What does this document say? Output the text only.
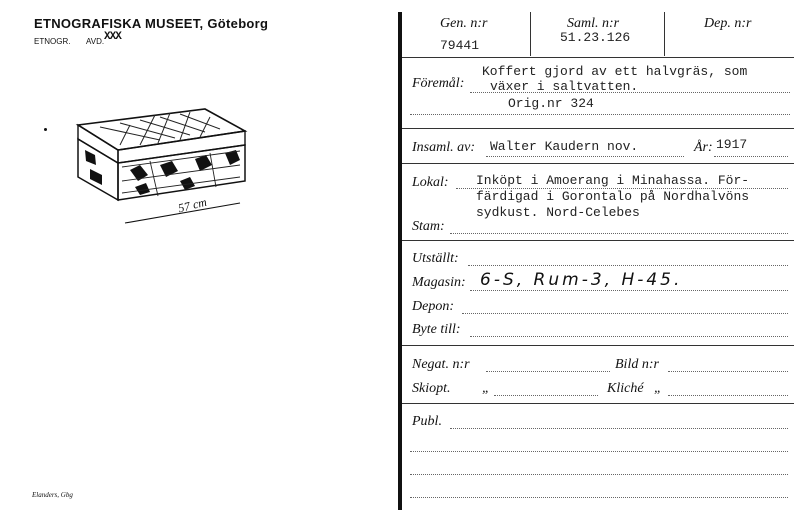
ETNOGRAFISKA MUSEET, Göteborg
ETNOGR. AVD. XXX
57 cm
Elanders, Gbg
Gen. n:r
79441
Saml. n:r
51.23.126
Dep. n:r
Föremål:
Koffert gjord av ett halvgräs, som
växer i saltvatten.
Orig.nr 324
Insaml. av: Walter Kaudern nov.	År: 1917
Lokal: Inköpt i Amoerang i Minahassa. För-
färdigad i Gorontalo på Nordhalvöns
sydkust. Nord-Celebes
Stam:
Utställt:
Magasin: 6-S, Rum-3, H-45.
Depon:
Byte till:
Negat. n:r	Bild n:r
Skiopt. „	Kliché „
Publ.
